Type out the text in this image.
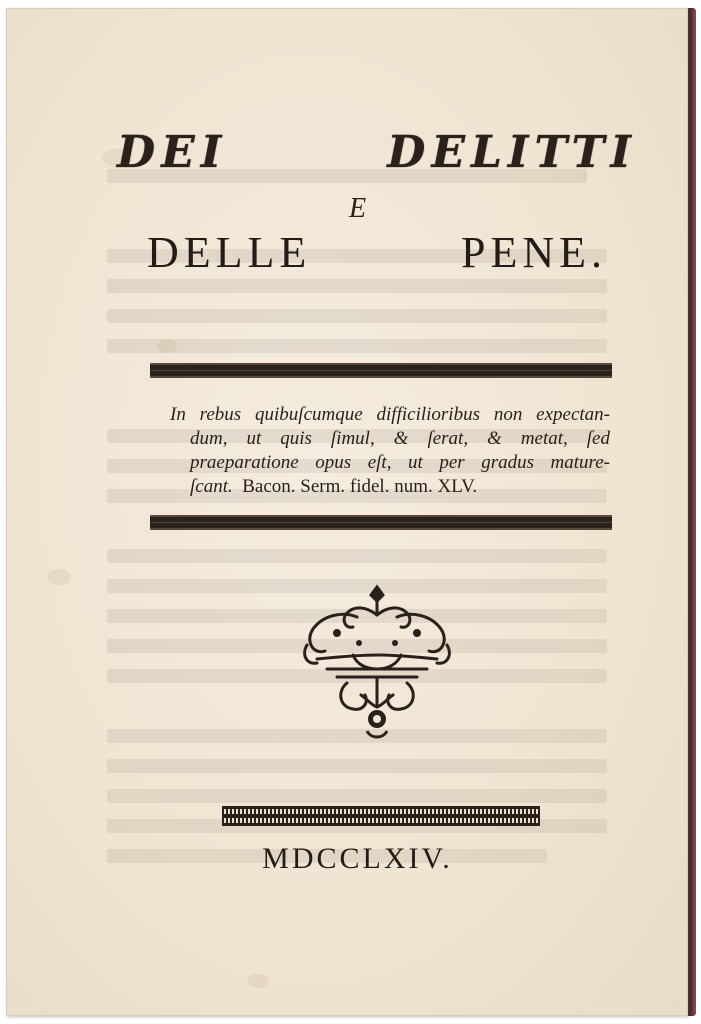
DEI DELITTI
E
DELLE PENE.
In rebus quibuſcumque difficilioribus non expectan-
dum, ut quis ſimul, & ſerat, & metat, ſed
praeparatione opus eſt, ut per gradus mature-
ſcant. Bacon. Serm. fidel. num. XLV.
MDCCLXIV.
